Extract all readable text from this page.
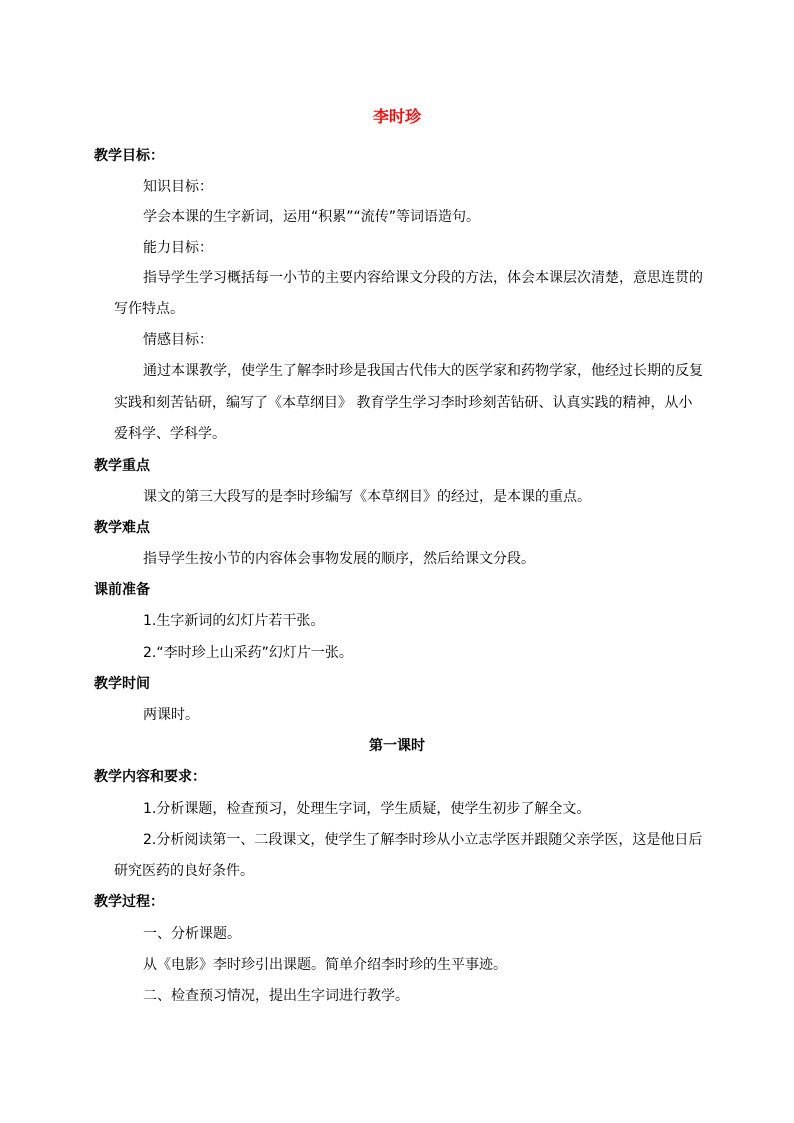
李时珍
教学目标：
知识目标：
学会本课的生字新词，运用“积累”“流传”等词语造句。
能力目标：
指导学生学习概括每一小节的主要内容给课文分段的方法，体会本课层次清楚，意思连贯的
写作特点。
情感目标：
通过本课教学，使学生了解李时珍是我国古代伟大的医学家和药物学家，他经过长期的反复
实践和刻苦钻研，编写了《本草纲目》 教育学生学习李时珍刻苦钻研、认真实践的精神，从小
爱科学、学科学。
教学重点
课文的第三大段写的是李时珍编写《本草纲目》的经过，是本课的重点。
教学难点
指导学生按小节的内容体会事物发展的顺序，然后给课文分段。
课前准备
1.生字新词的幻灯片若干张。
2.“李时珍上山采药”幻灯片一张。
教学时间
两课时。
第一课时
教学内容和要求：
1.分析课题，检查预习，处理生字词，学生质疑，使学生初步了解全文。
2.分析阅读第一、二段课文，使学生了解李时珍从小立志学医并跟随父亲学医，这是他日后
研究医药的良好条件。
教学过程：
一、分析课题。
从《电影》李时珍引出课题。简单介绍李时珍的生平事迹。
二、检查预习情况，提出生字词进行教学。
